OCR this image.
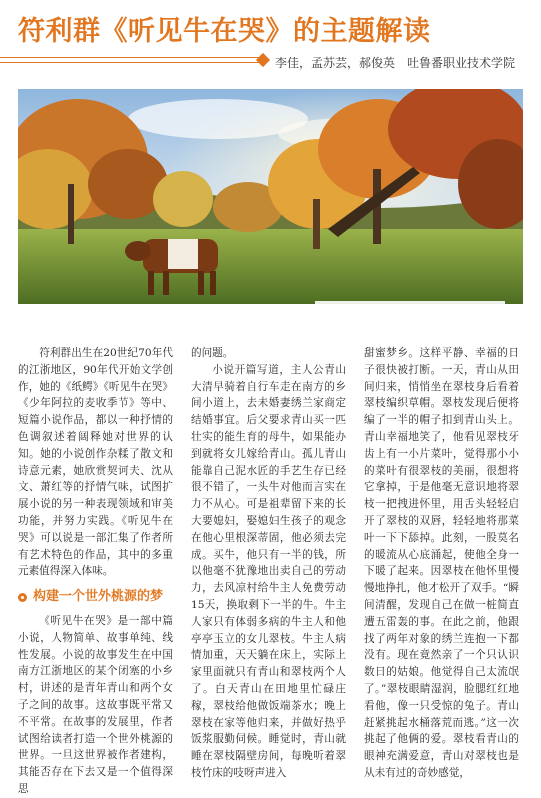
符利群《听见牛在哭》的主题解读
李佳，孟苏芸，郝俊英　吐鲁番职业技术学院

符利群出生在20世纪70年代的江浙地区，90年代开始文学创作，她的《纸鳄》《听见牛在哭》《少年阿拉的麦收季节》等中、短篇小说作品，都以一种抒情的色调叙述着阔释她对世界的认知。她的小说创作杂糅了散文和诗意元素，她欣赏契诃夫、沈从文、萧红等的抒情气味，试图扩展小说的另一种表现领域和审美功能，并努力实践。《听见牛在哭》可以说是一部汇集了作者所有艺术特色的作品，其中的多重元素值得深入体味。

构建一个世外桃源的梦

《听见牛在哭》是一部中篇小说，人物简单、故事单纯、线性发展。小说的故事发生在中国南方江浙地区的某个闭塞的小乡村，讲述的是青年青山和两个女子之间的故事。这故事既平常又不平常。在故事的发展里，作者试图给读者打造一个世外桃源的世界。一旦这世界被作者建构，其能否存在下去又是一个值得深思

的问题。

小说开篇写道，主人公青山大清早骑着自行车走在南方的乡间小道上，去未婚妻绣兰家商定结婚事宜。后父要求青山买一匹壮实的能生育的母牛，如果能办到就将女儿嫁给青山。孤儿青山能靠自己泥水匠的手艺生存已经很不错了，一头牛对他而言实在力不从心。可是祖辈留下来的长大要媳妇，娶媳妇生孩子的观念在他心里根深蒂固，他必须去完成。买牛，他只有一半的钱，所以他毫不犹豫地出卖自己的劳动力，去风凉村给牛主人免费劳动15天，换取剩下一半的牛。牛主人家只有体弱多病的牛主人和他亭亭玉立的女儿翠枝。牛主人病情加重，天天躺在床上，实际上家里面就只有青山和翠枝两个人了。白天青山在田地里忙碌庄稼，翠枝给他做饭端茶水；晚上翠枝在家等他归来，并做好热乎饭浆服勤伺候。睡觉时，青山就睡在翠枝隔壁房间，每晚听着翠枝竹床的吱呀声进入

甜蜜梦乡。这样平静、幸福的日子很快被打断。一天，青山从田间归来，悄悄坐在翠枝身后看着翠枝编织草帽。翠枝发现后便将编了一半的帽子扣到青山头上。青山幸福地笑了，他看见翠枝牙齿上有一小片菜叶，觉得那小小的菜叶有很翠枝的美丽，很想将它拿掉，于是他毫无意识地将翠枝一把拽进怀里，用舌头轻轻启开了翠枝的双唇，轻轻地将那菜叶一下下舔掉。此刻，一股莫名的暖流从心底涌起，使他全身一下暖了起来。因翠枝在他怀里慢慢地挣扎，他才松开了双手。“瞬间清醒，发现自己在做一桩简直遭五雷轰的事。在此之前，他跟找了两年对象的绣兰连抱一下都没有。现在竟然亲了一个只认识数日的姑娘。他觉得自己太流氓了。”翠枝眼睛湿润，脸腮红红地看他，像一只受惊的兔子。青山赶紧挑起水桶落荒而逃。”这一次挑起了他俩的爱。翠枝看青山的眼神充满爱意，青山对翠枝也是从未有过的奇妙感觉，
